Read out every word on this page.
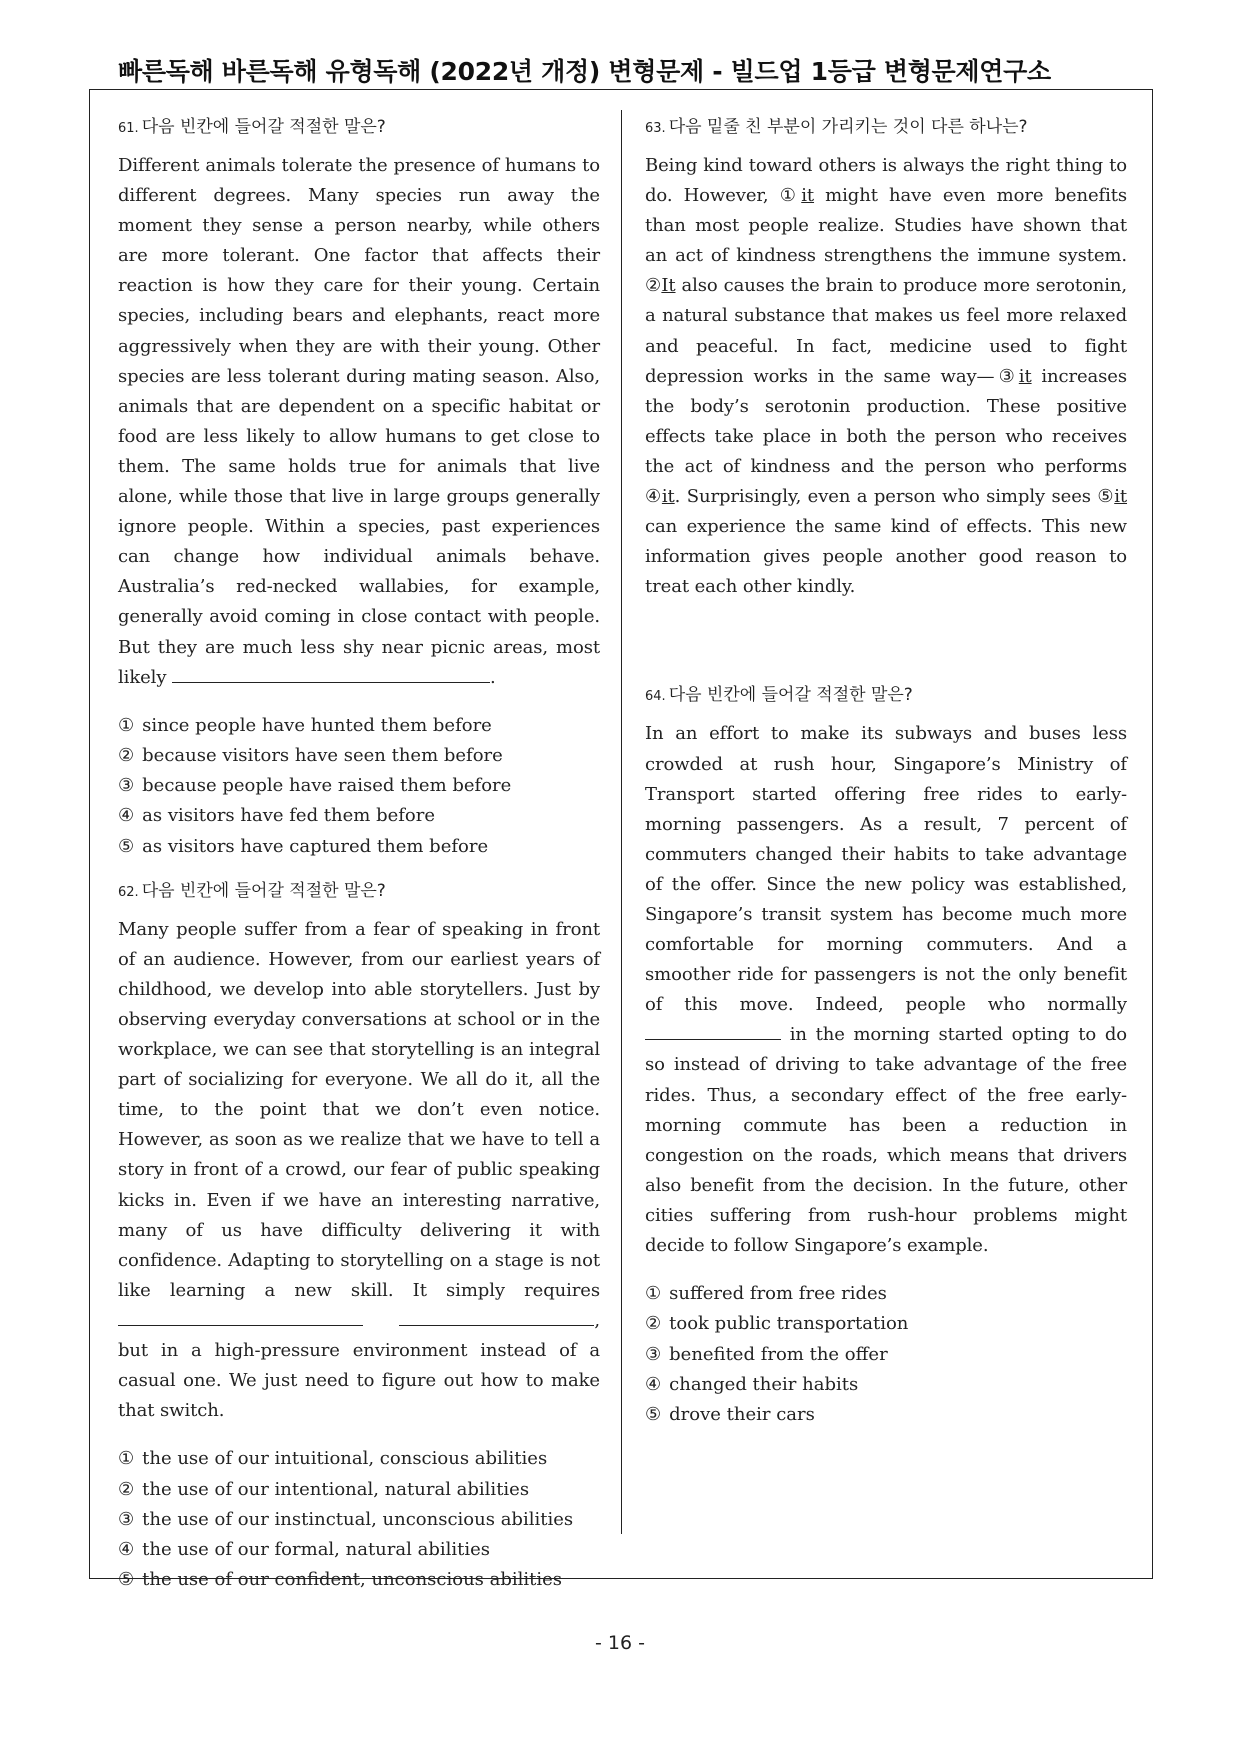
빠른독해 바른독해 유형독해 (2022년 개정) 변형문제 - 빌드업 1등급 변형문제연구소
61. 다음 빈칸에 들어갈 적절한 말은?

Different animals tolerate the presence of humans to different degrees. Many species run away the moment they sense a person nearby, while others are more tolerant. One factor that affects their reaction is how they care for their young. Certain species, including bears and elephants, react more aggressively when they are with their young. Other species are less tolerant during mating season. Also, animals that are dependent on a specific habitat or food are less likely to allow humans to get close to them. The same holds true for animals that live alone, while those that live in large groups generally ignore people. Within a species, past experiences can change how individual animals behave. Australia’s red-necked wallabies, for example, generally avoid coming in close contact with people. But they are much less shy near picnic areas, most likely	.

① since people have hunted them before
② because visitors have seen them before
③ because people have raised them before
④ as visitors have fed them before
⑤ as visitors have captured them before
62. 다음 빈칸에 들어갈 적절한 말은?

Many people suffer from a fear of speaking in front of an audience. However, from our earliest years of childhood, we develop into able storytellers. Just by observing everyday conversations at school or in the workplace, we can see that storytelling is an integral part of socializing for everyone. We all do it, all the time, to the point that we don’t even notice. However, as soon as we realize that we have to tell a story in front of a crowd, our fear of public speaking kicks in. Even if we have an interesting narrative, many of us have difficulty delivering it with confidence. Adapting to storytelling on a stage is not like learning a new skill. It simply requires  , but in a high-pressure environment instead of a casual one. We just need to figure out how to make that switch.

① the use of our intuitional, conscious abilities
② the use of our intentional, natural abilities
③ the use of our instinctual, unconscious abilities
④ the use of our formal, natural abilities
⑤ the use of our confident, unconscious abilities
63. 다음 밑줄 친 부분이 가리키는 것이 다른 하나는?

Being kind toward others is always the right thing to do. However, ①it might have even more benefits than most people realize. Studies have shown that an act of kindness strengthens the immune system. ②It also causes the brain to produce more serotonin, a natural substance that makes us feel more relaxed and peaceful. In fact, medicine used to fight depression works in the same way—③it increases the body’s serotonin production. These positive effects take place in both the person who receives the act of kindness and the person who performs ④it. Surprisingly, even a person who simply sees ⑤it can experience the same kind of effects. This new information gives people another good reason to treat each other kindly.

64. 다음 빈칸에 들어갈 적절한 말은?

In an effort to make its subways and buses less crowded at rush hour, Singapore’s Ministry of Transport started offering free rides to early-morning passengers. As a result, 7 percent of commuters changed their habits to take advantage of the offer. Since the new policy was established, Singapore’s transit system has become much more comfortable for morning commuters. And a smoother ride for passengers is not the only benefit of this move. Indeed, people who normally  in the morning started opting to do so instead of driving to take advantage of the free rides. Thus, a secondary effect of the free early-morning commute has been a reduction in congestion on the roads, which means that drivers also benefit from the decision. In the future, other cities suffering from rush-hour problems might decide to follow Singapore’s example.

① suffered from free rides
② took public transportation
③ benefited from the offer
④ changed their habits
⑤ drove their cars
- 16 -
